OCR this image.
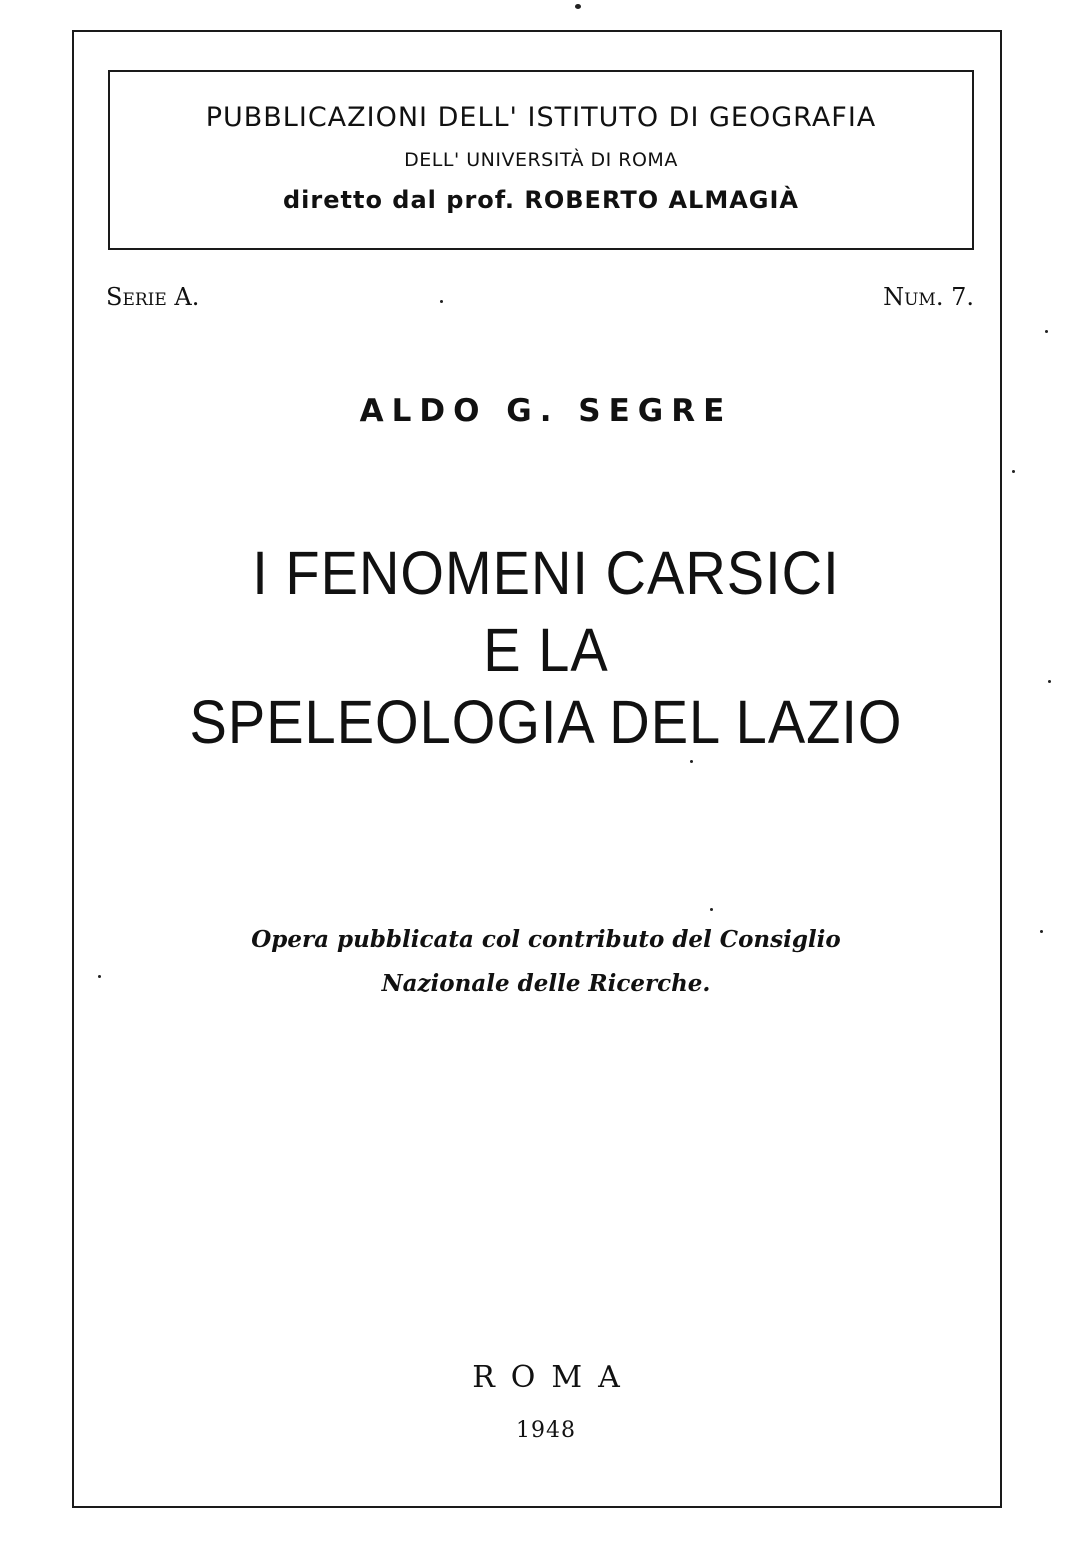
PUBBLICAZIONI DELL' ISTITUTO DI GEOGRAFIA
DELL' UNIVERSITÀ DI ROMA
diretto dal prof. ROBERTO ALMAGIÀ
Serie A.	Num. 7.
ALDO G. SEGRE
I FENOMENI CARSICI
E LA
SPELEOLOGIA DEL LAZIO
Opera pubblicata col contributo del Consiglio
Nazionale delle Ricerche.
ROMA
1948
